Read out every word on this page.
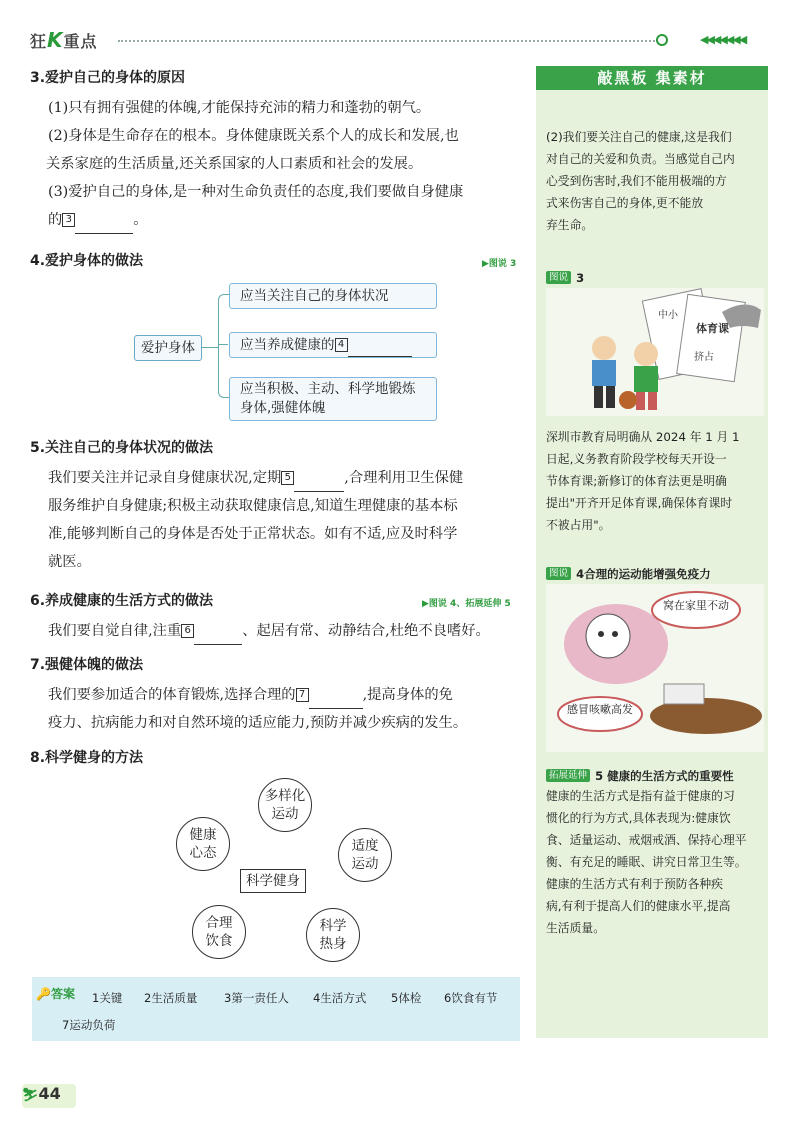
狂K重点	◀◀◀◀◀◀◀
3.爱护自己的身体的原因
(1)只有拥有强健的体魄,才能保持充沛的精力和蓬勃的朝气。
(2)身体是生命存在的根本。身体健康既关系个人的成长和发展,也
关系家庭的生活质量,还关系国家的人口素质和社会的发展。
(3)爱护自己的身体,是一种对生命负责任的态度,我们要做自身健康
的 3	。
4.爱护身体的做法	▶图说 3
爱护身体
应当关注自己的身体状况
应当养成健康的 4
应当积极、主动、科学地锻炼
身体,强健体魄
5.关注自己的身体状况的做法
我们要关注并记录自身健康状况,定期 5	,合理利用卫生保健
服务维护自身健康;积极主动获取健康信息,知道生理健康的基本标
准,能够判断自己的身体是否处于正常状态。如有不适,应及时科学
就医。
6.养成健康的生活方式的做法	▶图说 4、拓展延伸 5
我们要自觉自律,注重 6	、起居有常、动静结合,杜绝不良嗜好。
7.强健体魄的做法
我们要参加适合的体育锻炼,选择合理的 7	,提高身体的免
疫力、抗病能力和对自然环境的适应能力,预防并减少疾病的发生。
8.科学健身的方法
多样化
运动
健康
心态	适度
运动
科学健身
合理
饮食
科学
热身
🔑答案 1关键 2生活质量 3第一责任人 4生活方式 5体检 6饮食有节
7运动负荷
敲黑板 集素材
(2)我们要关注自己的健康,这是我们
对自己的关爱和负责。当感觉自己内
心受到伤害时,我们不能用极端的方
式来伤害自己的身体,更不能放
弃生命。
图说 3
中小
体育课
挤占
深圳市教育局明确从 2024 年 1 月 1
日起,义务教育阶段学校每天开设一
节体育课;新修订的体育法更是明确
提出"开齐开足体育课,确保体育课时
不被占用"。
图说 4合理的运动能增强免疫力
窝在家里不动
感冒咳嗽高发
拓展延伸 5 健康的生活方式的重要性
健康的生活方式是指有益于健康的习
惯化的行为方式,具体表现为:健康饮
食、适量运动、戒烟戒酒、保持心理平
衡、有充足的睡眠、讲究日常卫生等。
健康的生活方式有利于预防各种疾
病,有利于提高人们的健康水平,提高
生活质量。
⛷44
